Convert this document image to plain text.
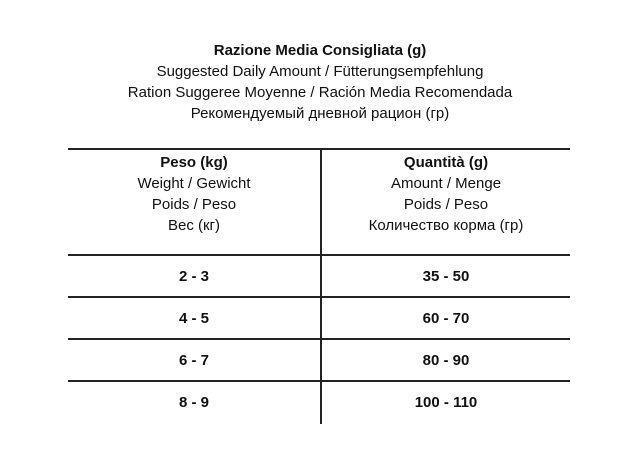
Razione Media Consigliata (g)
Suggested Daily Amount / Fütterungsempfehlung
Ration Suggeree Moyenne / Ración Media Recomendada
Рекомендуемый дневной рацион (гр)
Peso (kg)
Weight / Gewicht
Poids / Peso
Вес (кг)
Quantità (g)
Amount / Menge
Poids / Peso
Количество корма (гр)
2 - 3	35 - 50
4 - 5	60 - 70
6 - 7	80 - 90
8 - 9	100 - 110
